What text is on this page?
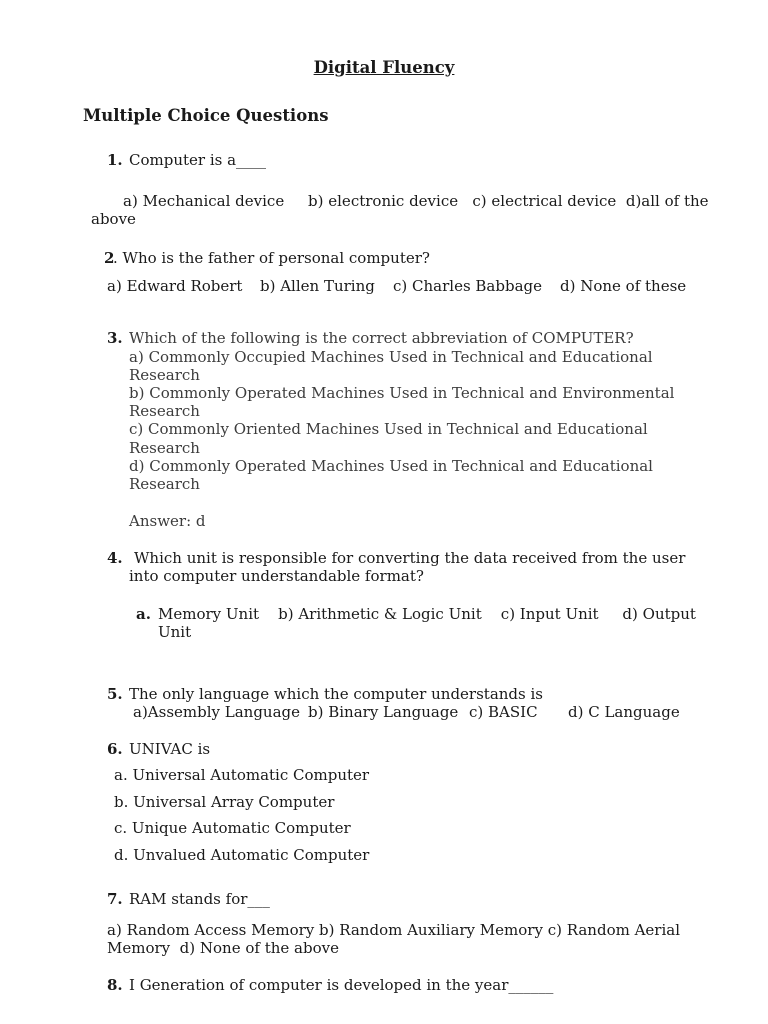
Digital Fluency
Multiple Choice Questions
1. Computer is a____
a) Mechanical device     b) electronic device   c) electrical device  d)all of the
above
2
. Who is the father of personal computer?
a) Edward Robert b) Allen Turing c) Charles Babbage d) None of these
3. Which of the following is the correct abbreviation of COMPUTER?
a) Commonly Occupied Machines Used in Technical and Educational
Research
b) Commonly Operated Machines Used in Technical and Environmental
Research
c) Commonly Oriented Machines Used in Technical and Educational
Research
d) Commonly Operated Machines Used in Technical and Educational
Research
Answer: d
4. Which unit is responsible for converting the data received from the user
into computer understandable format?
a. Memory Unit    b) Arithmetic & Logic Unit    c) Input Unit     d) Output
Unit
5. The only language which the computer understands is
a)Assembly Language b) Binary Language c) BASIC d) C Language
6. UNIVAC is
a. Universal Automatic Computer
b. Universal Array Computer
c. Unique Automatic Computer
d. Unvalued Automatic Computer
7. RAM stands for___
a) Random Access Memory b) Random Auxiliary Memory c) Random Aerial
Memory  d) None of the above
8. I Generation of computer is developed in the year______
